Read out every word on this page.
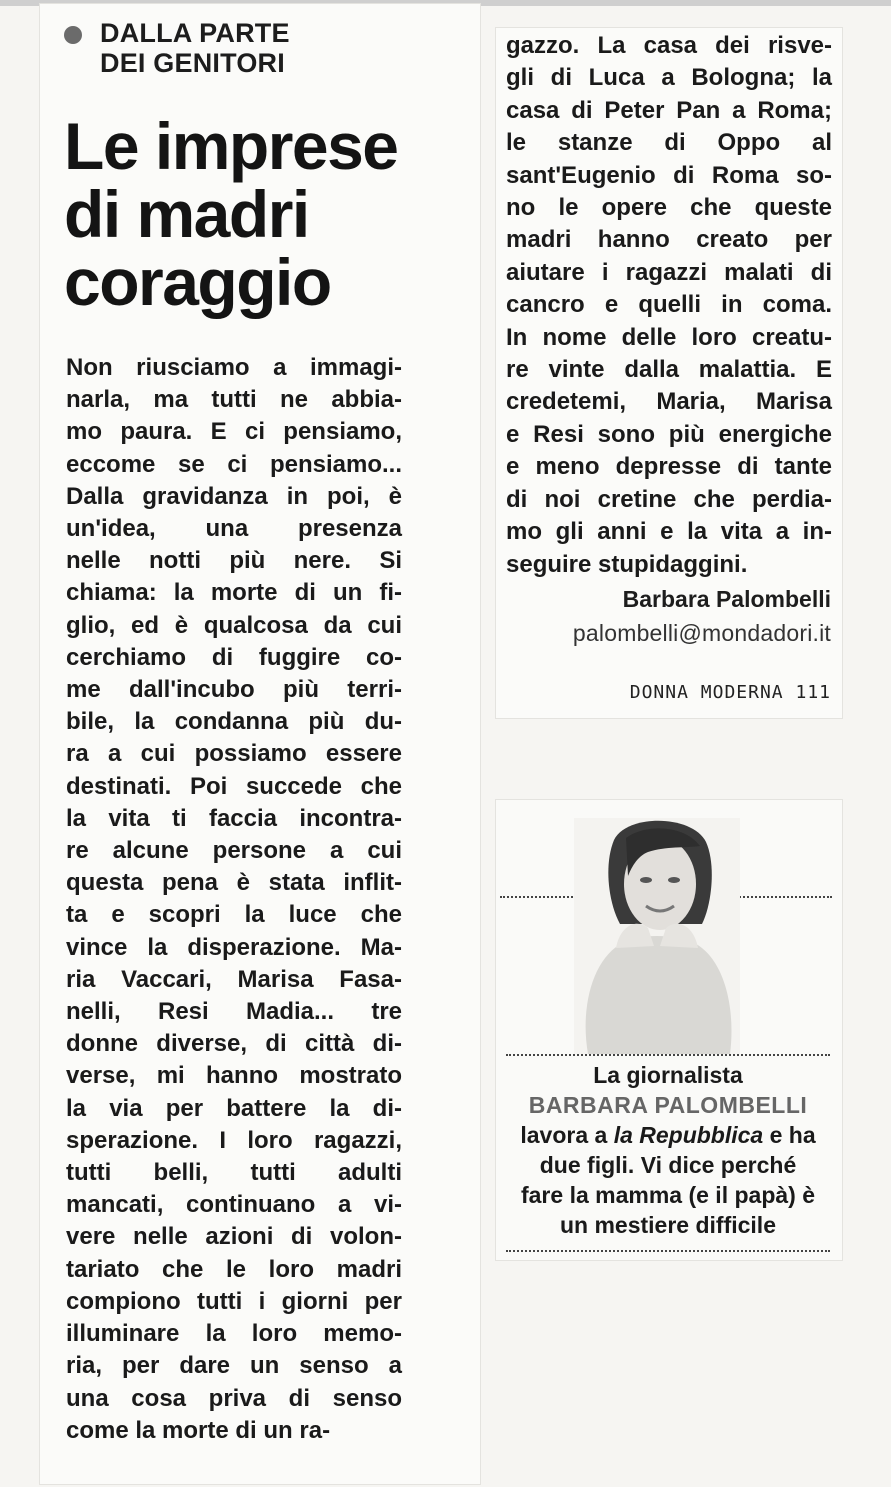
DALLA PARTE
DEI GENITORI
Le imprese
di madri
coraggio
Non riusciamo a immagi-
narla, ma tutti ne abbia-
mo paura. E ci pensiamo,
eccome se ci pensiamo...
Dalla gravidanza in poi, è
un'idea, una presenza
nelle notti più nere. Si
chiama: la morte di un fi-
glio, ed è qualcosa da cui
cerchiamo di fuggire co-
me dall'incubo più terri-
bile, la condanna più du-
ra a cui possiamo essere
destinati. Poi succede che
la vita ti faccia incontra-
re alcune persone a cui
questa pena è stata inflit-
ta e scopri la luce che
vince la disperazione. Ma-
ria Vaccari, Marisa Fasa-
nelli, Resi Madia... tre
donne diverse, di città di-
verse, mi hanno mostrato
la via per battere la di-
sperazione. I loro ragazzi,
tutti belli, tutti adulti
mancati, continuano a vi-
vere nelle azioni di volon-
tariato che le loro madri
compiono tutti i giorni per
illuminare la loro memo-
ria, per dare un senso a
una cosa priva di senso
come la morte di un ra-
gazzo. La casa dei risve-
gli di Luca a Bologna; la
casa di Peter Pan a Roma;
le stanze di Oppo al
sant'Eugenio di Roma so-
no le opere che queste
madri hanno creato per
aiutare i ragazzi malati di
cancro e quelli in coma.
In nome delle loro creatu-
re vinte dalla malattia. E
credetemi, Maria, Marisa
e Resi sono più energiche
e meno depresse di tante
di noi cretine che perdia-
mo gli anni e la vita a in-
seguire stupidaggini.
Barbara Palombelli
palombelli@mondadori.it
DONNA MODERNA 111
La giornalista
BARBARA PALOMBELLI
lavora a la Repubblica e ha
due figli. Vi dice perché
fare la mamma (e il papà) è
un mestiere difficile
